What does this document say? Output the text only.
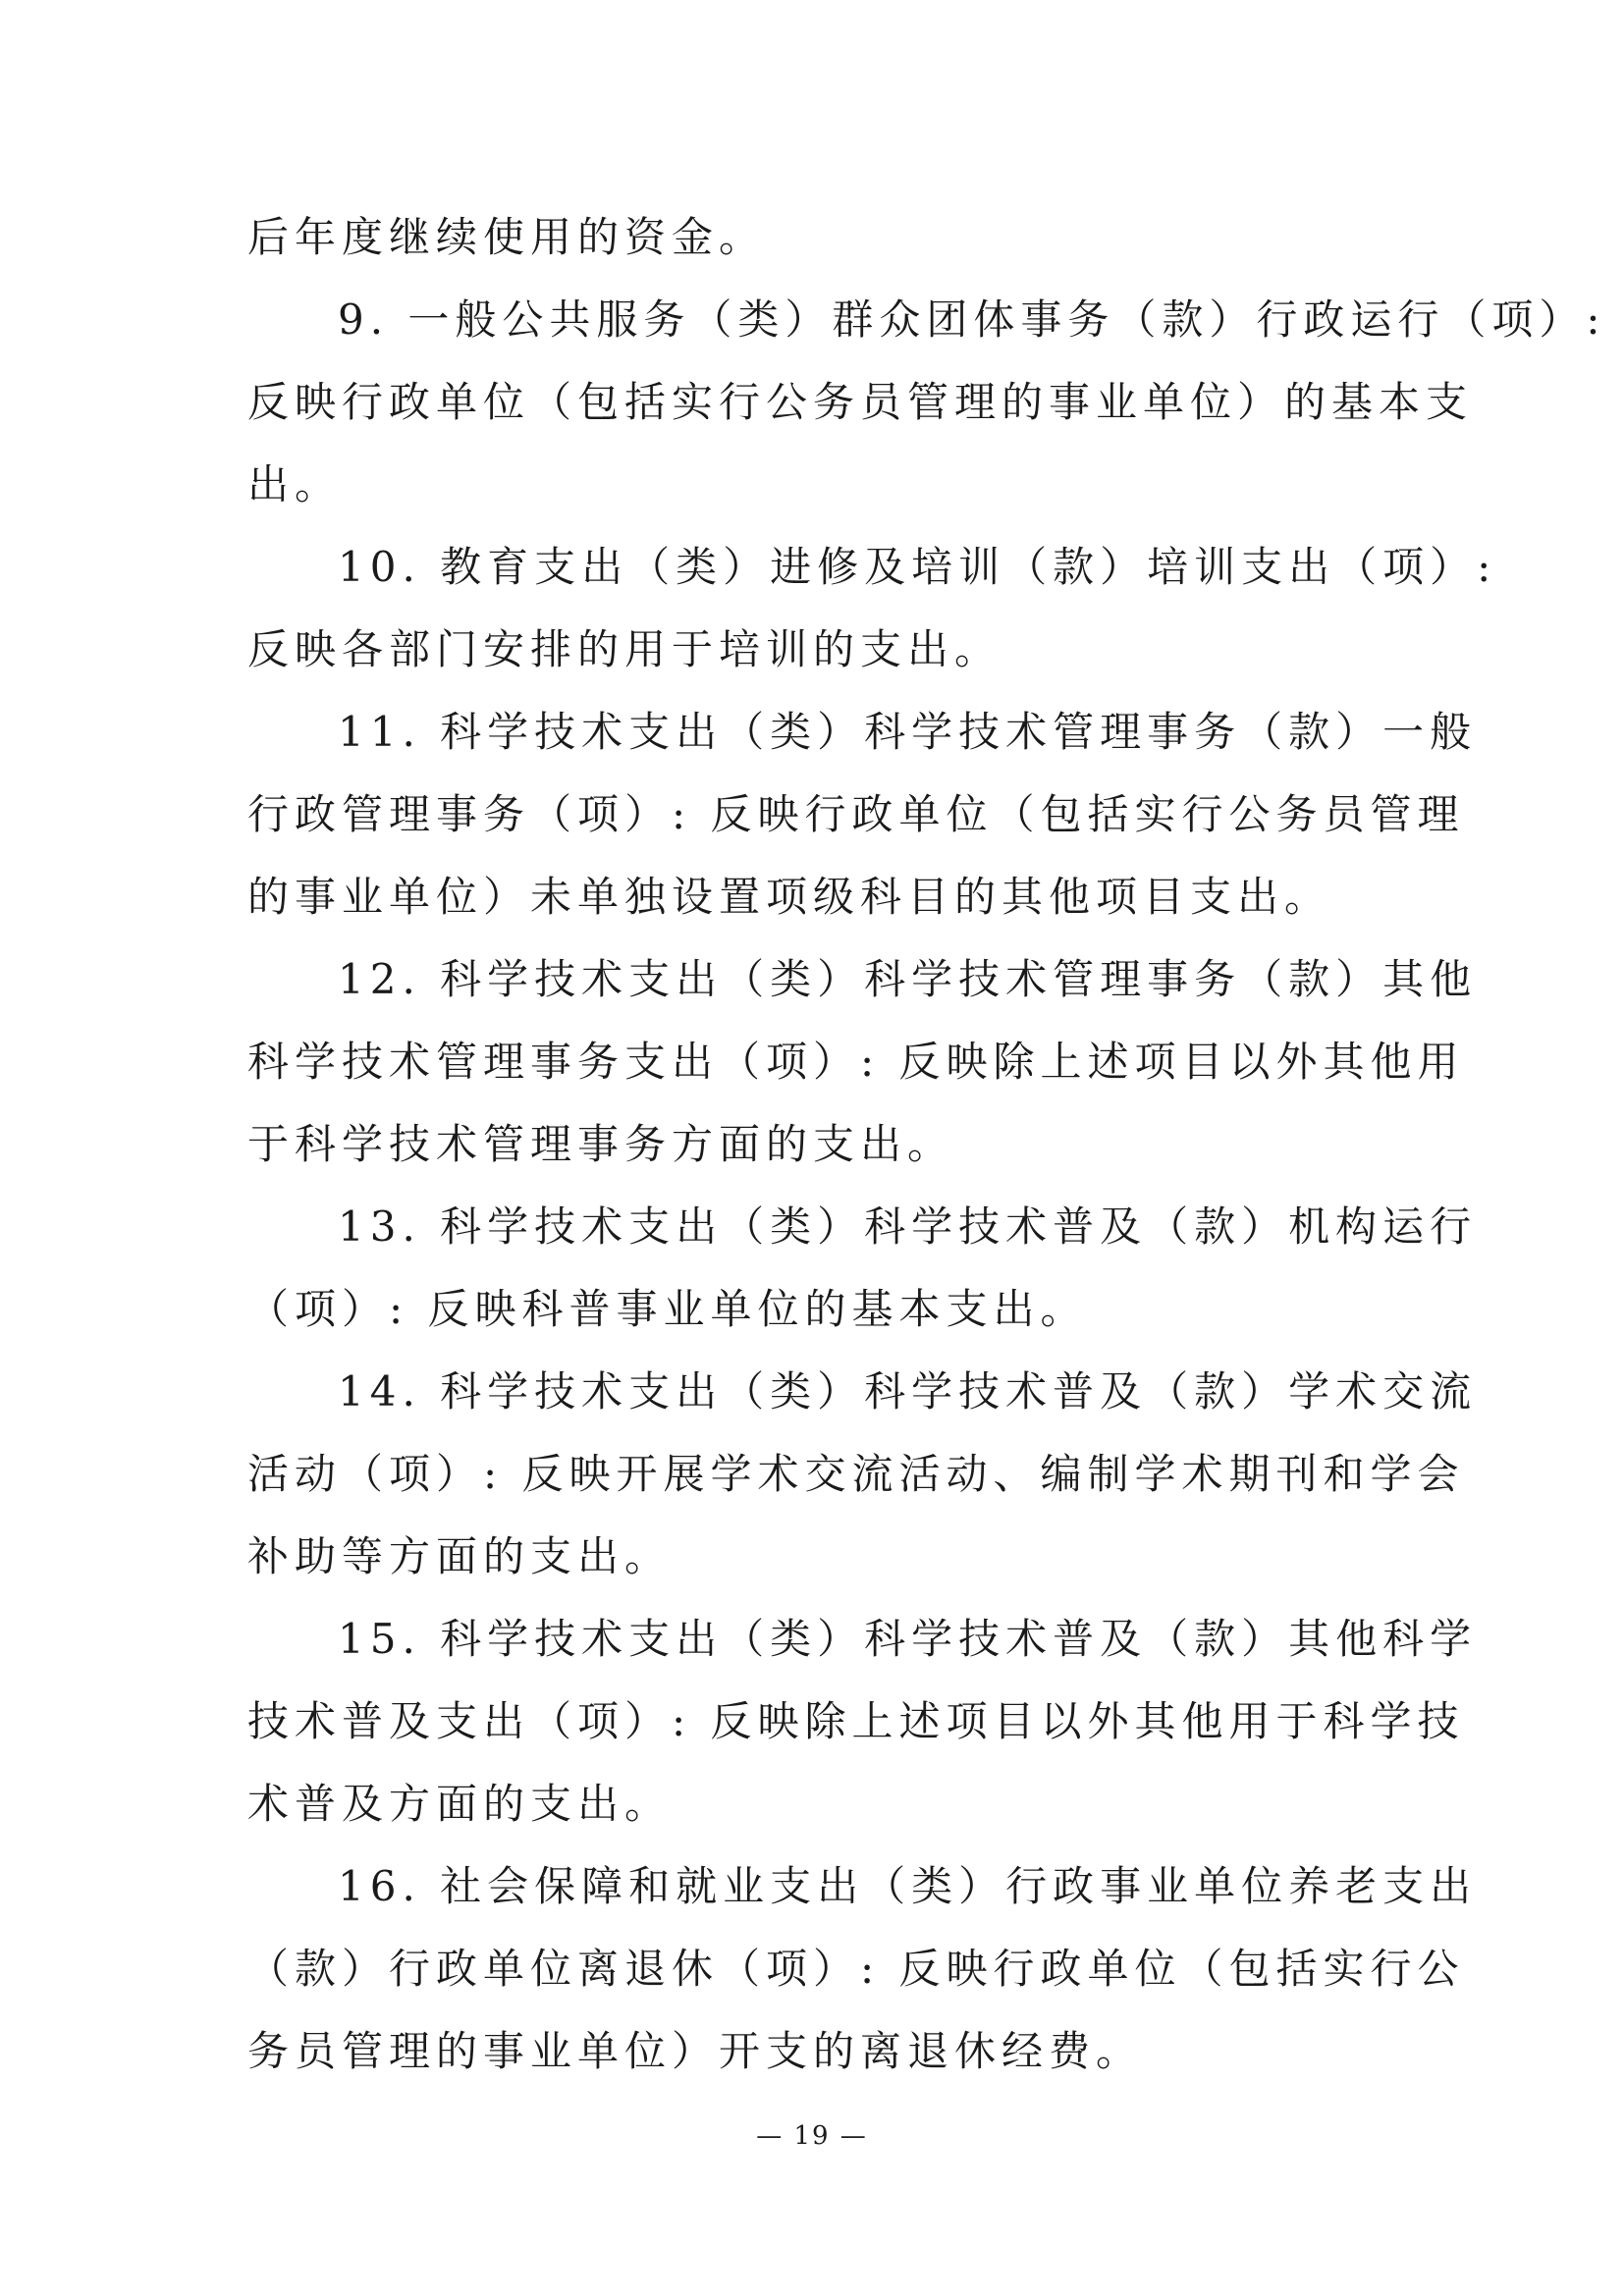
后年度继续使用的资金。
9. 一般公共服务（类）群众团体事务（款）行政运行（项）:
反映行政单位（包括实行公务员管理的事业单位）的基本支
出。
10. 教育支出（类）进修及培训（款）培训支出（项）:
反映各部门安排的用于培训的支出。
11. 科学技术支出（类）科学技术管理事务（款）一般
行政管理事务（项）: 反映行政单位（包括实行公务员管理
的事业单位）未单独设置项级科目的其他项目支出。
12. 科学技术支出（类）科学技术管理事务（款）其他
科学技术管理事务支出（项）: 反映除上述项目以外其他用
于科学技术管理事务方面的支出。
13. 科学技术支出（类）科学技术普及（款）机构运行
（项）: 反映科普事业单位的基本支出。
14. 科学技术支出（类）科学技术普及（款）学术交流
活动（项）: 反映开展学术交流活动、编制学术期刊和学会
补助等方面的支出。
15. 科学技术支出（类）科学技术普及（款）其他科学
技术普及支出（项）: 反映除上述项目以外其他用于科学技
术普及方面的支出。
16. 社会保障和就业支出（类）行政事业单位养老支出
（款）行政单位离退休（项）: 反映行政单位（包括实行公
务员管理的事业单位）开支的离退休经费。
— 19 —
